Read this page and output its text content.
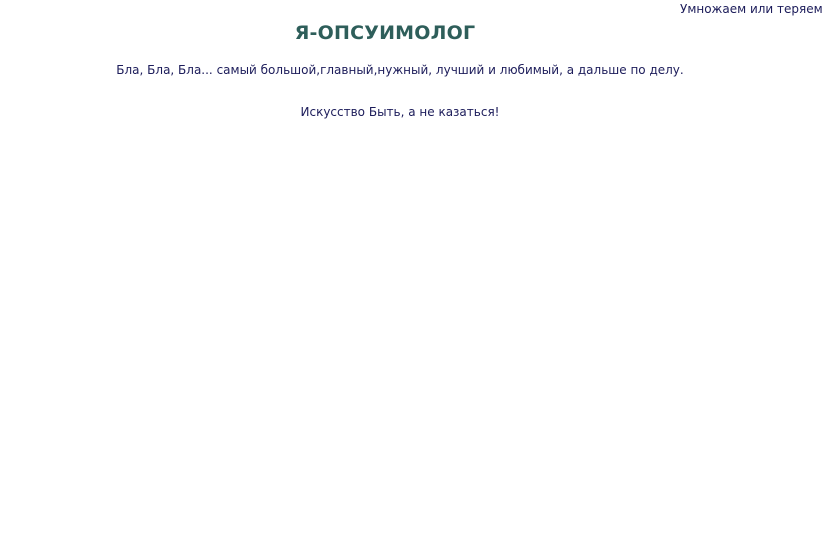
Умножаем или теряем
Я-ОПСУИМОЛОГ

Бла, Бла, Бла... самый большой,главный,нужный, лучший и любимый, а дальше по делу.

Искусство Быть, а не казаться!
